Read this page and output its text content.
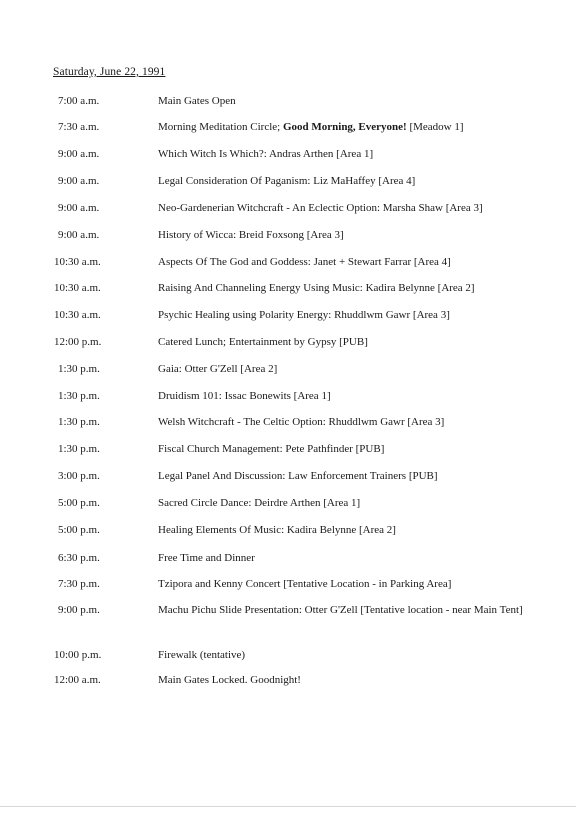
Saturday, June 22, 1991
7:00 a.m.	Main Gates Open
7:30 a.m.	Morning Meditation Circle; Good Morning, Everyone! [Meadow 1]
9:00 a.m.	Which Witch Is Which?: Andras Arthen [Area 1]
9:00 a.m.	Legal Consideration Of Paganism: Liz MaHaffey [Area 4]
9:00 a.m.	Neo-Gardenerian Witchcraft - An Eclectic Option: Marsha Shaw [Area 3]
9:00 a.m.	History of Wicca: Breid Foxsong [Area 3]
10:30 a.m.	Aspects Of The God and Goddess: Janet + Stewart Farrar [Area 4]
10:30 a.m.	Raising And Channeling Energy Using Music: Kadira Belynne [Area 2]
10:30 a.m.	Psychic Healing using Polarity Energy: Rhuddlwm Gawr [Area 3]
12:00 p.m.	Catered Lunch; Entertainment by Gypsy [PUB]
1:30 p.m.	Gaia: Otter G'Zell [Area 2]
1:30 p.m.	Druidism 101: Issac Bonewits [Area 1]
1:30 p.m.	Welsh Witchcraft - The Celtic Option: Rhuddlwm Gawr [Area 3]
1:30 p.m.	Fiscal Church Management: Pete Pathfinder [PUB]
3:00 p.m.	Legal Panel And Discussion: Law Enforcement Trainers [PUB]
5:00 p.m.	Sacred Circle Dance: Deirdre Arthen [Area 1]
5:00 p.m.	Healing Elements Of Music: Kadira Belynne [Area 2]
6:30 p.m.	Free Time and Dinner
7:30 p.m.	Tzipora and Kenny Concert [Tentative Location - in Parking Area]
9:00 p.m.	Machu Pichu Slide Presentation: Otter G'Zell [Tentative location - near Main Tent]
10:00 p.m.	Firewalk (tentative)
12:00 a.m.	Main Gates Locked. Goodnight!
